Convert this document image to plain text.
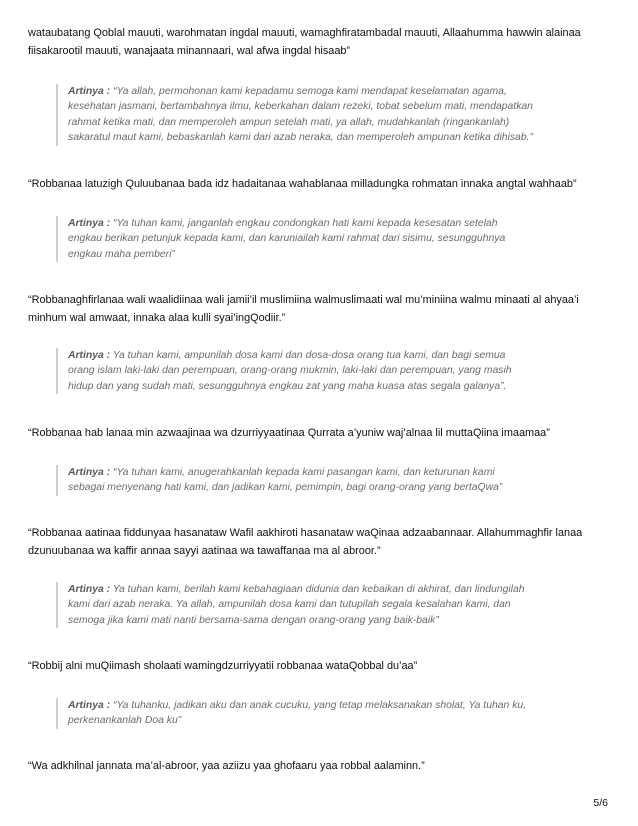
wataubatang Qoblal mauuti, warohmatan ingdal mauuti, wamaghfiratambadal mauuti, Allaahumma hawwin alainaa
fiisakarootil mauuti, wanajaata minannaari, wal afwa ingdal hisaab”

Artinya : “Ya allah, permohonan kami kepadamu semoga kami mendapat keselamatan agama,
kesehatan jasmani, bertambahnya ilmu, keberkahan dalam rezeki, tobat sebelum mati, mendapatkan
rahmat ketika mati, dan memperoleh ampun setelah mati, ya allah, mudahkanlah (ringankanlah)
sakaratul maut kami, bebaskanlah kami dari azab neraka, dan memperoleh ampunan ketika dihisab.”

“Robbanaa latuzigh Quluubanaa bada idz hadaitanaa wahablanaa milladungka rohmatan innaka angtal wahhaab”

Artinya : “Ya tuhan kami, janganlah engkau condongkan hati kami kepada kesesatan setelah
engkau berikan petunjuk kepada kami, dan karuniailah kami rahmat dari sisimu, sesungguhnya
engkau maha pemberi”

“Robbanaghfirlanaa wali waalidiinaa wali jamii’il muslimiina walmuslimaati wal mu’miniina walmu minaati al ahyaa’i
minhum wal amwaat, innaka alaa kulli syai’ingQodiir.”

Artinya : Ya tuhan kami, ampunilah dosa kami dan dosa-dosa orang tua kami, dan bagi semua
orang islam laki-laki dan perempuan, orang-orang mukmin, laki-laki dan perempuan, yang masih
hidup dan yang sudah mati, sesungguhnya engkau zat yang maha kuasa atas segala galanya”.

“Robbanaa hab lanaa min azwaajinaa wa dzurriyyaatinaa Qurrata a’yuniw waj’alnaa lil muttaQiina imaamaa”

Artinya : “Ya tuhan kami, anugerahkanlah kepada kami pasangan kami, dan keturunan kami
sebagai menyenang hati kami, dan jadikan kami, pemimpin, bagi orang-orang yang bertaQwa”

“Robbanaa aatinaa fiddunyaa hasanataw Wafil aakhiroti hasanataw waQinaa adzaabannaar. Allahummaghfir lanaa
dzunuubanaa wa kaffir annaa sayyi aatinaa wa tawaffanaa ma al abroor.”

Artinya : Ya tuhan kami, berilah kami kebahagiaan didunia dan kebaikan di akhirat, dan lindungilah
kami dari azab neraka. Ya allah, ampunilah dosa kami dan tutupilah segala kesalahan kami, dan
semoga jika kami mati nanti bersama-sama dengan orang-orang yang baik-baik”

“Robbij alni muQiimash sholaati wamingdzurriyyatii robbanaa wataQobbal du’aa”

Artinya : “Ya tuhanku, jadikan aku dan anak cucuku, yang tetap melaksanakan sholat, Ya tuhan ku,
perkenankanlah Doa ku”

“Wa adkhilnal jannata ma’al-abroor, yaa aziizu yaa ghofaaru yaa robbal aalaminn.”

5/6
